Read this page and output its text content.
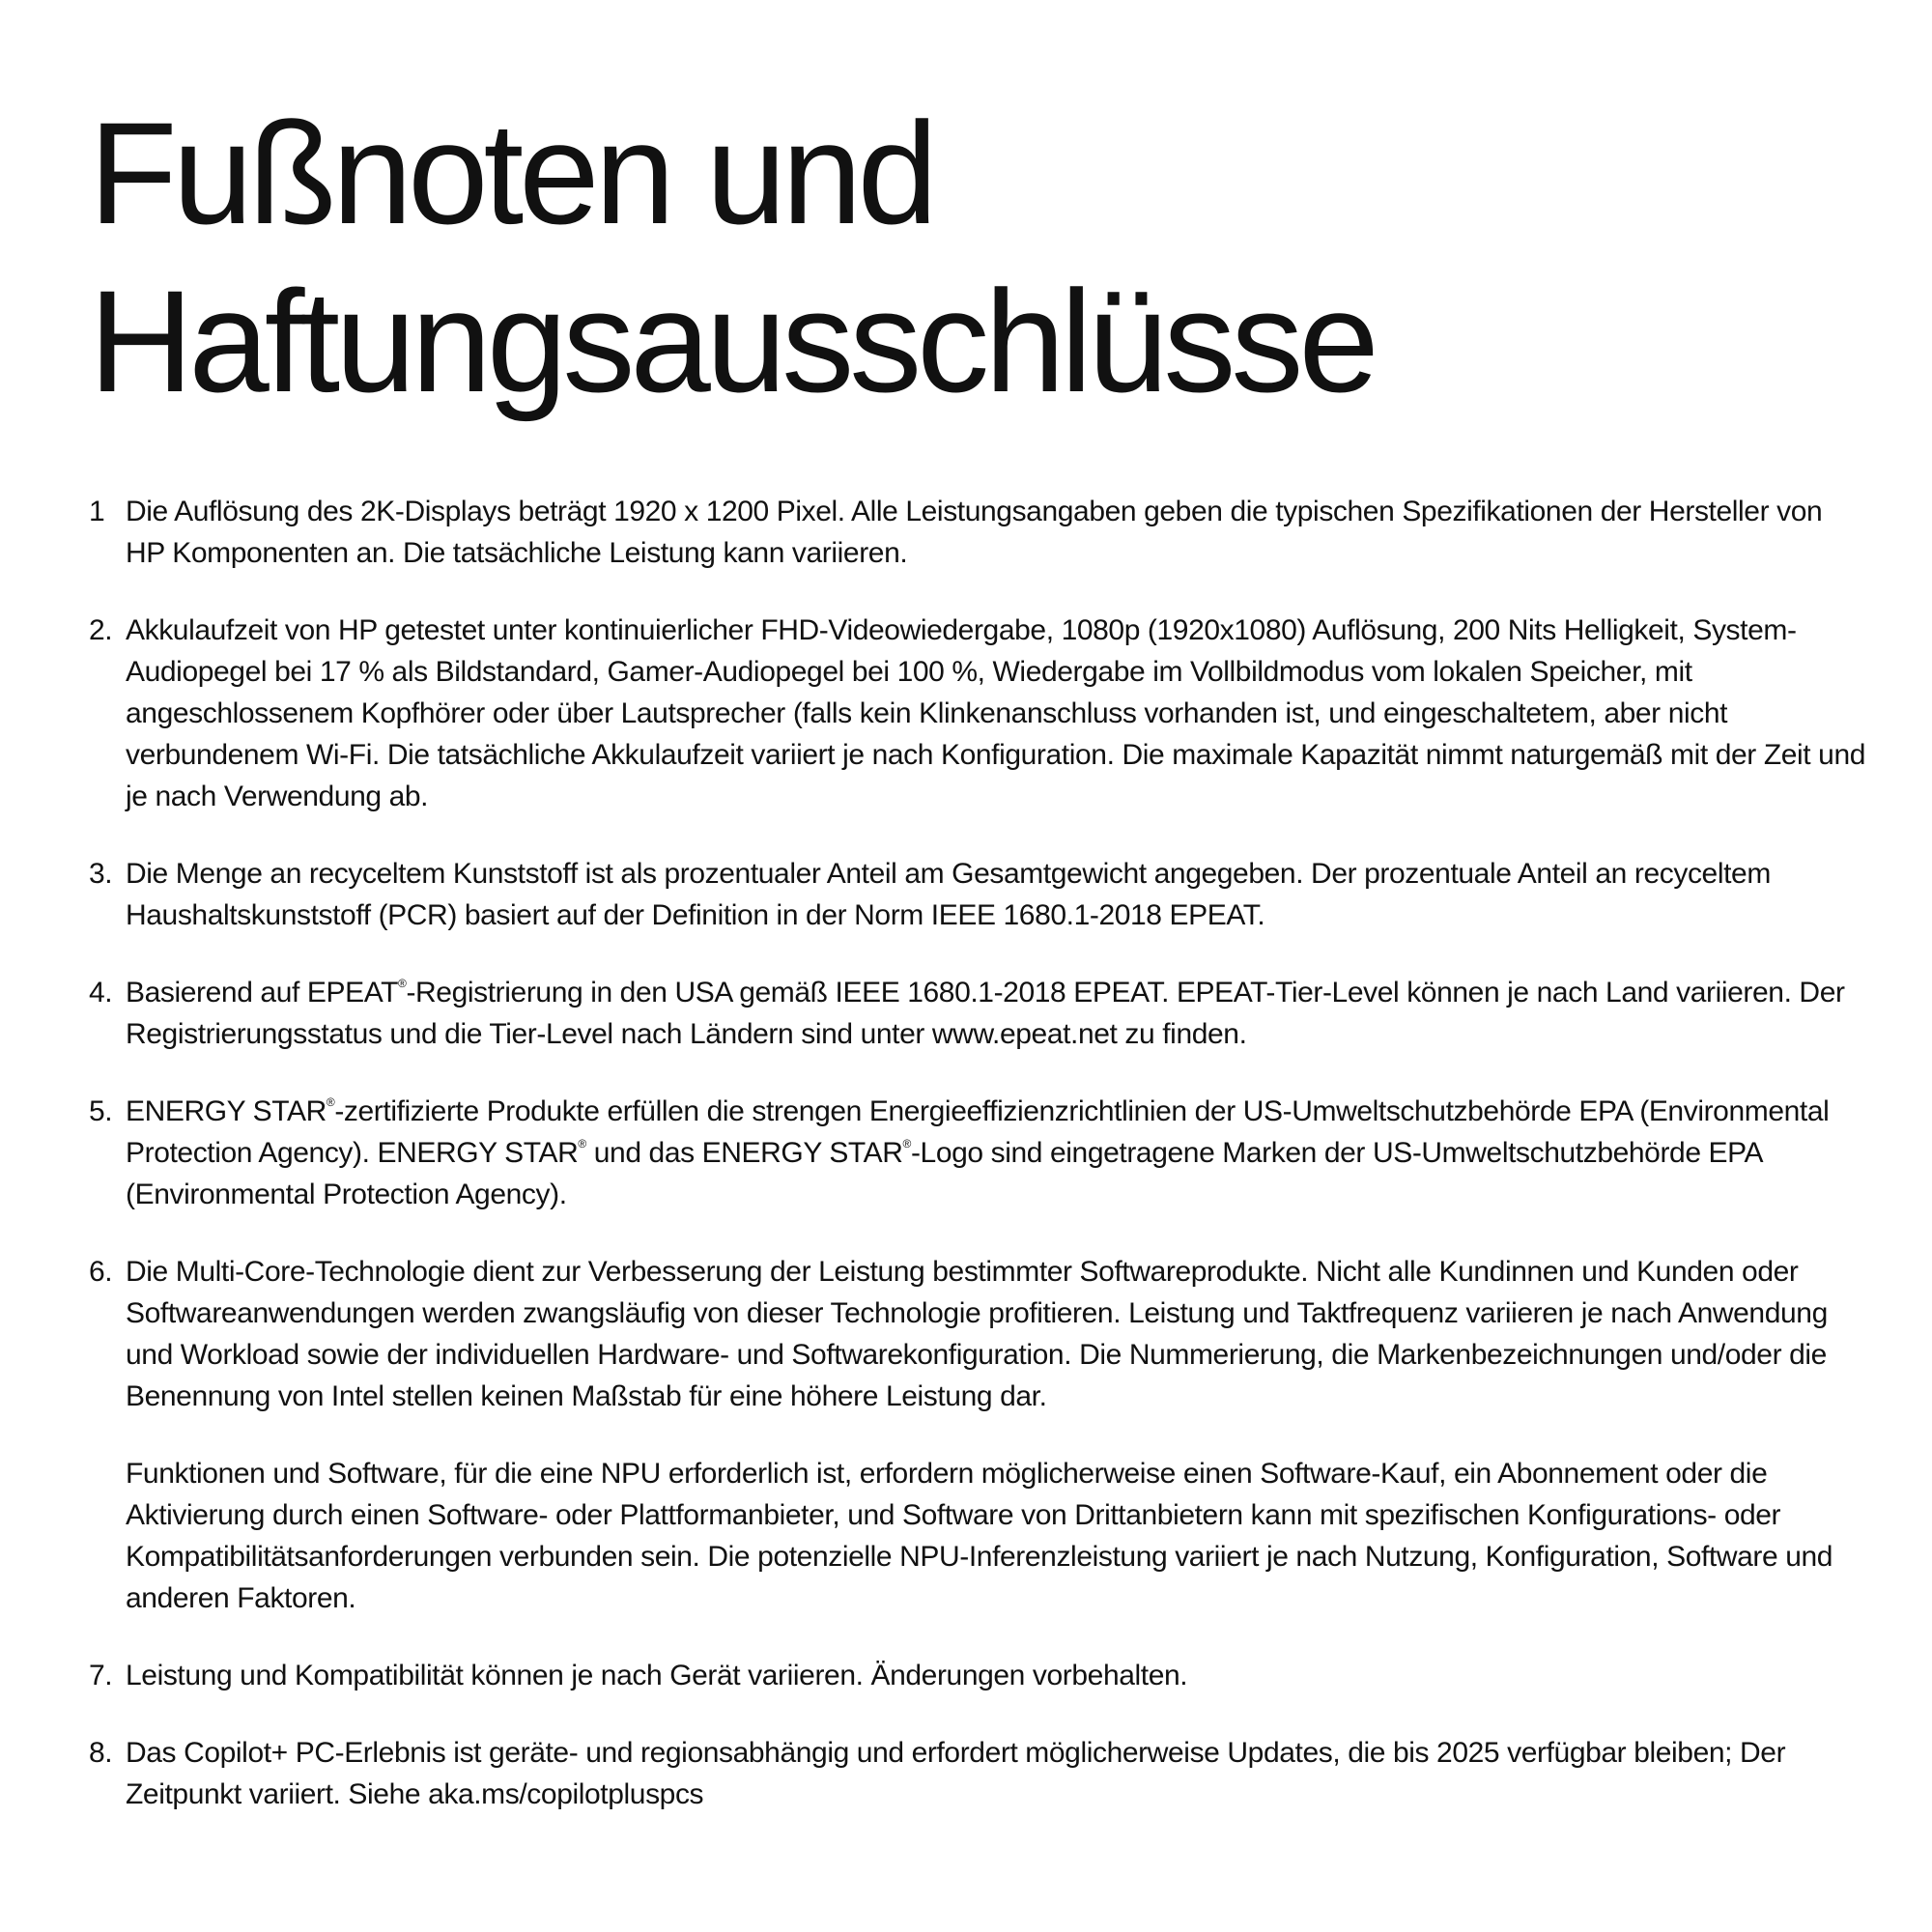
Fußnoten und
Haftungsausschlüsse
1 Die Auflösung des 2K-Displays beträgt 1920 x 1200 Pixel. Alle Leistungsangaben geben die typischen Spezifikationen der Hersteller von HP Komponenten an. Die tatsächliche Leistung kann variieren.
2. Akkulaufzeit von HP getestet unter kontinuierlicher FHD-Videowiedergabe, 1080p (1920x1080) Auflösung, 200 Nits Helligkeit, System-Audiopegel bei 17 % als Bildstandard, Gamer-Audiopegel bei 100 %, Wiedergabe im Vollbildmodus vom lokalen Speicher, mit angeschlossenem Kopfhörer oder über Lautsprecher (falls kein Klinkenanschluss vorhanden ist, und eingeschaltetem, aber nicht verbundenem Wi-Fi. Die tatsächliche Akkulaufzeit variiert je nach Konfiguration. Die maximale Kapazität nimmt naturgemäß mit der Zeit und je nach Verwendung ab.
3. Die Menge an recyceltem Kunststoff ist als prozentualer Anteil am Gesamtgewicht angegeben. Der prozentuale Anteil an recyceltem Haushaltskunststoff (PCR) basiert auf der Definition in der Norm IEEE 1680.1-2018 EPEAT.
4. Basierend auf EPEAT®-Registrierung in den USA gemäß IEEE 1680.1-2018 EPEAT. EPEAT-Tier-Level können je nach Land variieren. Der Registrierungsstatus und die Tier-Level nach Ländern sind unter www.epeat.net zu finden.
5. ENERGY STAR®-zertifizierte Produkte erfüllen die strengen Energieeffizienzrichtlinien der US-Umweltschutzbehörde EPA (Environmental Protection Agency). ENERGY STAR® und das ENERGY STAR®-Logo sind eingetragene Marken der US-Umweltschutzbehörde EPA (Environmental Protection Agency).
6. Die Multi-Core-Technologie dient zur Verbesserung der Leistung bestimmter Softwareprodukte. Nicht alle Kundinnen und Kunden oder Softwareanwendungen werden zwangsläufig von dieser Technologie profitieren. Leistung und Taktfrequenz variieren je nach Anwendung und Workload sowie der individuellen Hardware- und Softwarekonfiguration. Die Nummerierung, die Markenbezeichnungen und/oder die Benennung von Intel stellen keinen Maßstab für eine höhere Leistung dar.
Funktionen und Software, für die eine NPU erforderlich ist, erfordern möglicherweise einen Software-Kauf, ein Abonnement oder die Aktivierung durch einen Software- oder Plattformanbieter, und Software von Drittanbietern kann mit spezifischen Konfigurations- oder Kompatibilitätsanforderungen verbunden sein. Die potenzielle NPU-Inferenzleistung variiert je nach Nutzung, Konfiguration, Software und anderen Faktoren.
7. Leistung und Kompatibilität können je nach Gerät variieren. Änderungen vorbehalten.
8. Das Copilot+ PC-Erlebnis ist geräte- und regionsabhängig und erfordert möglicherweise Updates, die bis 2025 verfügbar bleiben; Der Zeitpunkt variiert. Siehe aka.ms/copilotpluspcs
